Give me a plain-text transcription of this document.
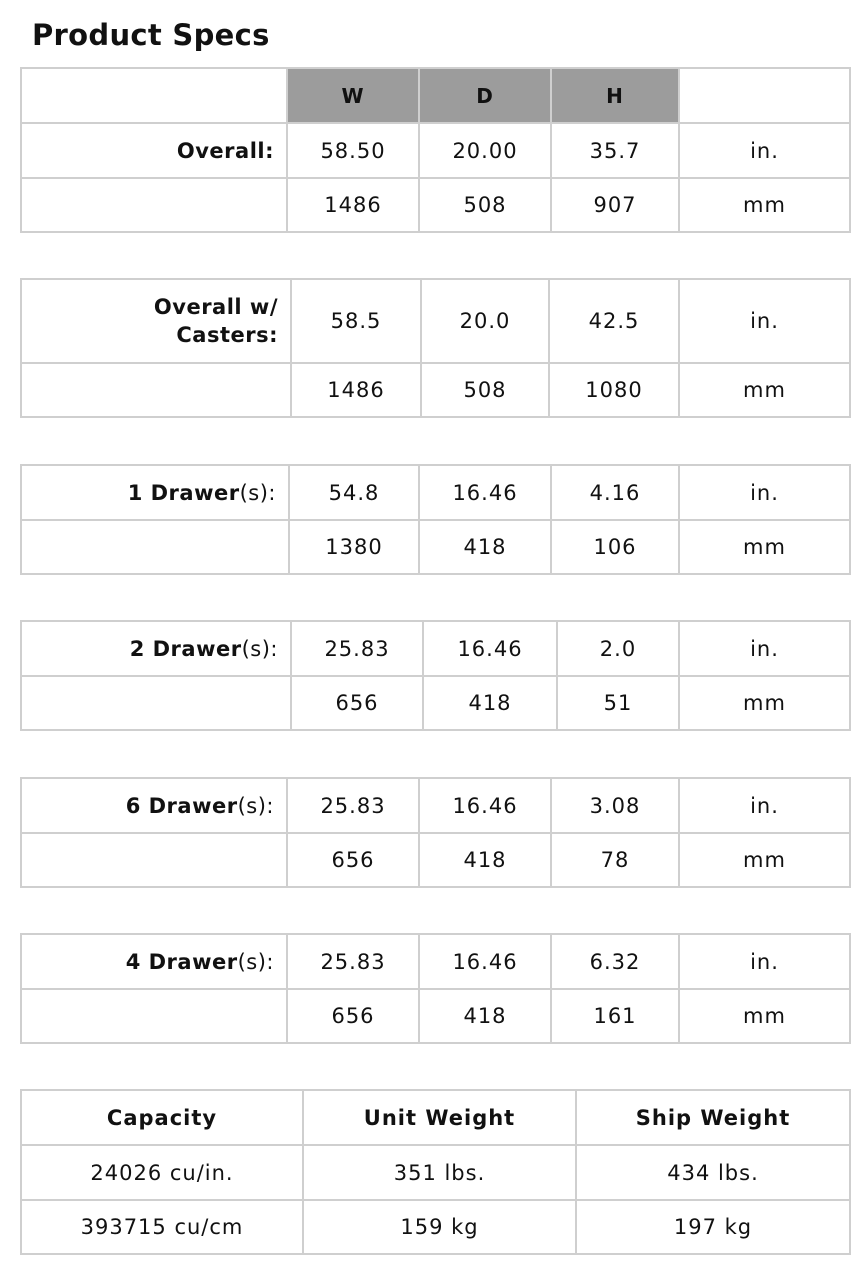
Product Specs
	W	D	H	
Overall:	58.50	20.00	35.7	in.
	1486	508	907	mm
Overall w/
Casters:	58.5	20.0	42.5	in.
	1486	508	1080	mm
1 Drawer(s):	54.8	16.46	4.16	in.
	1380	418	106	mm
2 Drawer(s):	25.83	16.46	2.0	in.
	656	418	51	mm
6 Drawer(s):	25.83	16.46	3.08	in.
	656	418	78	mm
4 Drawer(s):	25.83	16.46	6.32	in.
	656	418	161	mm
Capacity	Unit Weight	Ship Weight
24026 cu/in.	351 lbs.	434 lbs.
393715 cu/cm	159 kg	197 kg
